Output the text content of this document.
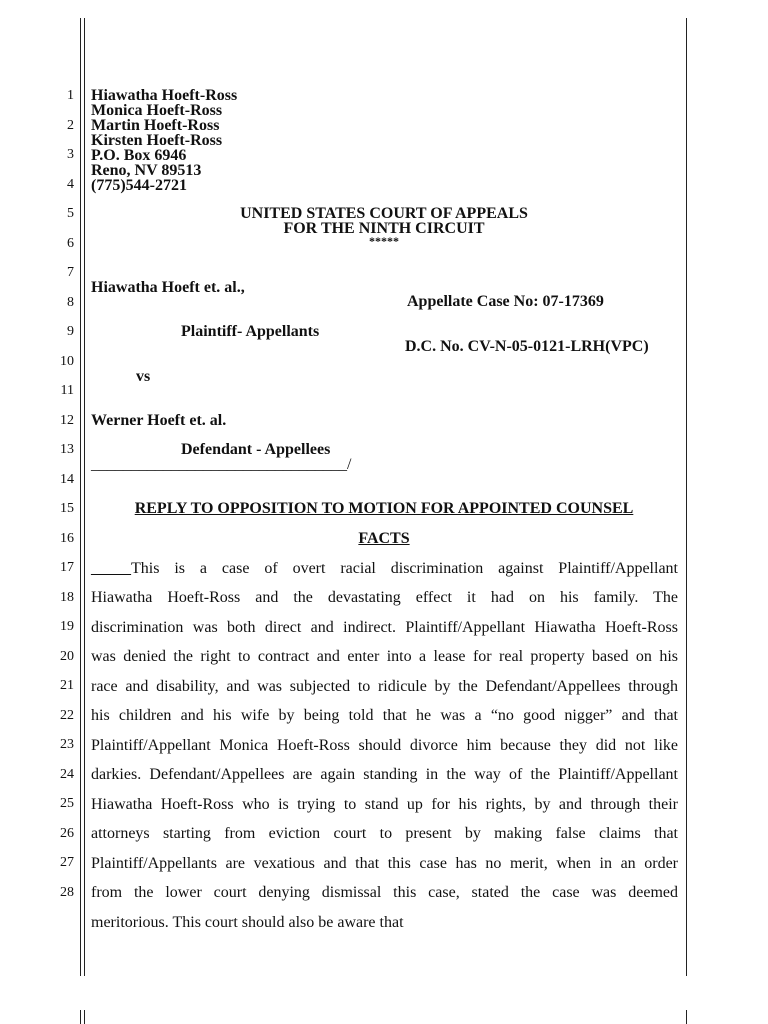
1
2
3
4
5
6
7
8
9
10
11
12
13
14
15
16
17
18
19
20
21
22
23
24
25
26
27
28
Hiawatha Hoeft-Ross
Monica Hoeft-Ross
Martin Hoeft-Ross
Kirsten Hoeft-Ross
P.O. Box 6946
Reno, NV 89513
(775)544-2721
UNITED STATES COURT OF APPEALS
FOR THE NINTH CIRCUIT
*****
Hiawatha Hoeft et. al.,
Appellate Case No: 07-17369
Plaintiff- Appellants
D.C. No. CV-N-05-0121-LRH(VPC)
vs
Werner Hoeft et. al.
Defendant - Appellees
________________________________/
REPLY TO OPPOSITION TO MOTION FOR APPOINTED COUNSEL
FACTS
_____This is a case of overt racial discrimination against Plaintiff/Appellant
Hiawatha Hoeft-Ross and the devastating effect it had on his family. The
discrimination was both direct and indirect. Plaintiff/Appellant Hiawatha Hoeft-Ross
was denied the right to contract and enter into a lease for real property based on his
race and disability, and was subjected to ridicule by the Defendant/Appellees through
his children and his wife by being told that he was a “no good nigger” and that
Plaintiff/Appellant Monica Hoeft-Ross should divorce him because they did not like
darkies. Defendant/Appellees are again standing in the way of the Plaintiff/Appellant
Hiawatha Hoeft-Ross who is trying to stand up for his rights, by and through their
attorneys starting from eviction court to present by making false claims that
Plaintiff/Appellants are vexatious and that this case has no merit, when in an order
from the lower court denying dismissal this case, stated the case was deemed
meritorious. This court should also be aware that
